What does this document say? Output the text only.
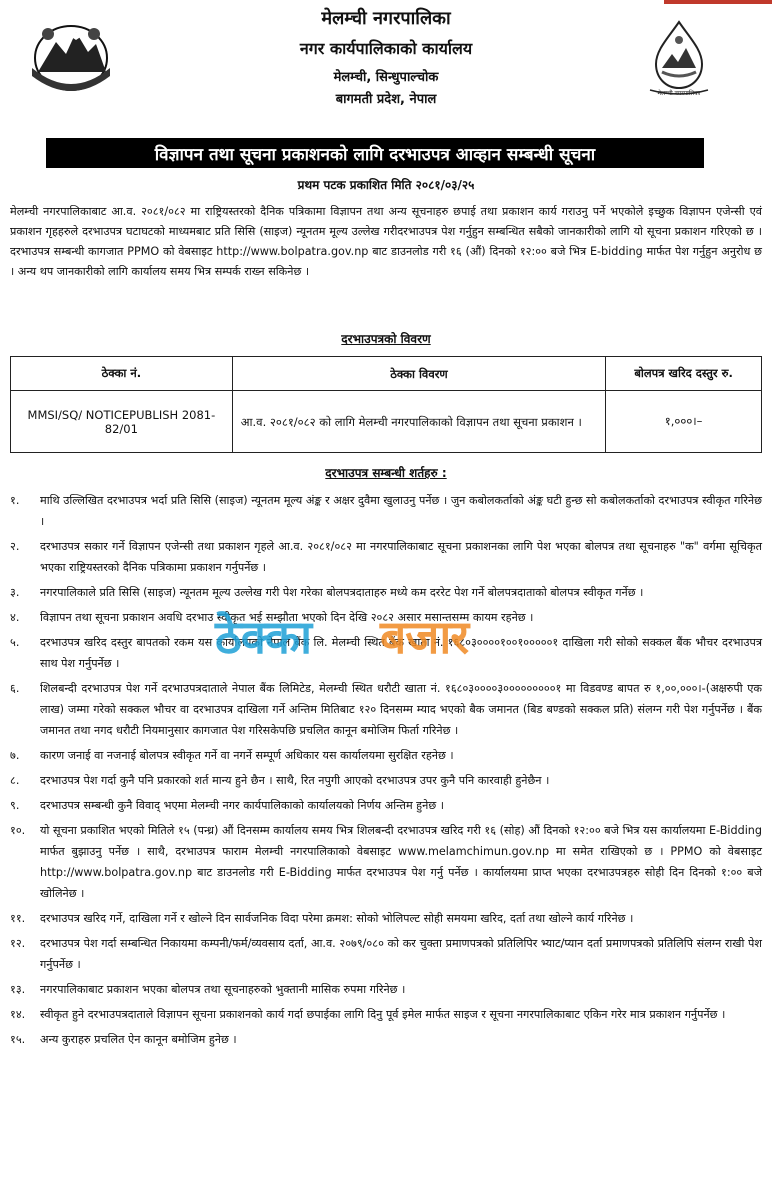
मेलम्ची नगरपालिका
नगर कार्यपालिकाको कार्यालय
मेलम्ची, सिन्धुपाल्चोक
बागमती प्रदेश, नेपाल	मेलम्ची नगरपालिका
विज्ञापन तथा सूचना प्रकाशनको लागि दरभाउपत्र आव्हान सम्बन्धी सूचना
प्रथम पटक प्रकाशित मिति २०८१/०३/२५
मेलम्ची नगरपालिकाबाट आ.व. २०८१/०८२ मा राष्ट्रियस्तरको दैनिक पत्रिकामा विज्ञापन तथा अन्य सूचनाहरु छपाई तथा प्रकाशन कार्य गराउनु पर्ने भएकोले इच्छुक विज्ञापन एजेन्सी एवं प्रकाशन गृहहरुले दरभाउपत्र घटाघटको माध्यमबाट प्रति सिसि (साइज) न्यूनतम मूल्य उल्लेख गरीदरभाउपत्र पेश गर्नुहुन सम्बन्धित सबैको जानकारीको लागि यो सूचना प्रकाशन गरिएको छ । दरभाउपत्र सम्बन्धी कागजात PPMO को वेबसाइट http://www.bolpatra.gov.np बाट डाउनलोड गरी १६ (औं) दिनको १२:०० बजे भित्र E-bidding मार्फत पेश गर्नुहुन अनुरोध छ । अन्य थप जानकारीको लागि कार्यालय समय भित्र सम्पर्क राख्न सकिनेछ ।
दरभाउपत्रको विवरण
ठेक्का नं.	ठेक्का विवरण	बोलपत्र खरिद दस्तुर रु.
MMSI/SQ/ NOTICEPUBLISH 2081-82/01	आ.व. २०८१/०८२ को लागि मेलम्ची नगरपालिकाको विज्ञापन तथा सूचना प्रकाशन ।	१,०००।–
दरभाउपत्र सम्बन्धी शर्तहरु :
१.	माथि उल्लिखित दरभाउपत्र भर्दा प्रति सिसि (साइज) न्यूनतम मूल्य अंङ्क र अक्षर दुवैमा खुलाउनु पर्नेछ । जुन कबोलकर्ताको अंङ्क घटी हुन्छ सो कबोलकर्ताको दरभाउपत्र स्वीकृत गरिनेछ ।
२.	दरभाउपत्र सकार गर्ने विज्ञापन एजेन्सी तथा प्रकाशन गृहले आ.व. २०८१/०८२ मा नगरपालिकाबाट सूचना प्रकाशनका लागि पेश भएका बोलपत्र तथा सूचनाहरु "क" वर्गमा सूचिकृत भएका राष्ट्रियस्तरको दैनिक पत्रिकामा प्रकाशन गर्नुपर्नेछ ।
३.	नगरपालिकाले प्रति सिसि (साइज) न्यूनतम मूल्य उल्लेख गरी पेश गरेका बोलपत्रदाताहरु मध्ये कम दररेट पेश गर्ने बोलपत्रदाताको बोलपत्र स्वीकृत गर्नेछ ।
४.	विज्ञापन तथा सूचना प्रकाशन अवधि दरभाउ स्वीकृत भई सम्झौता भएको दिन देखि २०८२ असार मसान्तसम्म कायम रहनेछ ।
५.	दरभाउपत्र खरिद दस्तुर बापतको रकम यस कार्यालयको नेपाल बैंक लि. मेलम्ची स्थित बैंक खाता नं. १६८०३००००१००१०००००१ दाखिला गरी सोको सक्कल बैंक भौचर दरभाउपत्र साथ पेश गर्नुपर्नेछ ।
६.	शिलबन्दी दरभाउपत्र पेश गर्ने दरभाउपत्रदाताले नेपाल बैंक लिमिटेड, मेलम्ची स्थित धरौटी खाता नं. १६८०३००००३०००००००००१ मा विडवण्ड बापत रु १,००,०००।-(अक्षरुपी एक लाख) जम्मा गरेको सक्कल भौचर वा दरभाउपत्र दाखिला गर्ने अन्तिम मितिबाट १२० दिनसम्म म्याद भएको बैक जमानत (बिड बण्डको सक्कल प्रति) संलग्न गरी पेश गर्नुपर्नेछ । बैंक जमानत तथा नगद धरौटी नियमानुसार कागजात पेश गरिसकेपछि प्रचलित कानून बमोजिम फिर्ता गरिनेछ ।
७.	कारण जनाई वा नजनाई बोलपत्र स्वीकृत गर्ने वा नगर्ने सम्पूर्ण अधिकार यस कार्यालयमा सुरक्षित रहनेछ ।
८.	दरभाउपत्र पेश गर्दा कुनै पनि प्रकारको शर्त मान्य हुने छैन । साथै, रित नपुगी आएको दरभाउपत्र उपर कुनै पनि कारवाही हुनेछैन ।
९.	दरभाउपत्र सम्बन्धी कुनै विवाद् भएमा मेलम्ची नगर कार्यपालिकाको कार्यालयको निर्णय अन्तिम हुनेछ ।
१०.	यो सूचना प्रकाशित भएको मितिले १५ (पन्ध्र) औं दिनसम्म कार्यालय समय भित्र शिलबन्दी दरभाउपत्र खरिद गरी १६ (सोह) औं दिनको १२:०० बजे भित्र यस कार्यालयमा E-Bidding मार्फत बुझाउनु पर्नेछ । साथै, दरभाउपत्र फाराम मेलम्ची नगरपालिकाको वेबसाइट www.melamchimun.gov.np मा समेत राखिएको छ । PPMO को वेबसाइट http://www.bolpatra.gov.np बाट डाउनलोड गरी E-Bidding मार्फत दरभाउपत्र पेश गर्नु पर्नेछ । कार्यालयमा प्राप्त भएका दरभाउपत्रहरु सोही दिन दिनको १:०० बजे खोलिनेछ ।
११.	दरभाउपत्र खरिद गर्ने, दाखिला गर्ने र खोल्ने दिन सार्वजनिक विदा परेमा क्रमश: सोको भोलिपल्ट सोही समयमा खरिद, दर्ता तथा खोल्ने कार्य गरिनेछ ।
१२.	दरभाउपत्र पेश गर्दा सम्बन्धित निकायमा कम्पनी/फर्म/व्यवसाय दर्ता, आ.व. २०७९/०८० को कर चुक्ता प्रमाणपत्रको प्रतिलिपिर भ्याट/प्यान दर्ता प्रमाणपत्रको प्रतिलिपि संलग्न राखी पेश गर्नुपर्नेछ ।
१३.	नगरपालिकाबाट प्रकाशन भएका बोलपत्र तथा सूचनाहरुको भुक्तानी मासिक रुपमा गरिनेछ ।
१४.	स्वीकृत हुने दरभाउपत्रदाताले विज्ञापन सूचना प्रकाशनको कार्य गर्दा छपाईका लागि दिनु पूर्व इमेल मार्फत साइज र सूचना नगरपालिकाबाट एकिन गरेर मात्र प्रकाशन गर्नुपर्नेछ ।
१५.	अन्य कुराहरु प्रचलित ऐन कानून बमोजिम हुनेछ ।
ठेक्का बजार
